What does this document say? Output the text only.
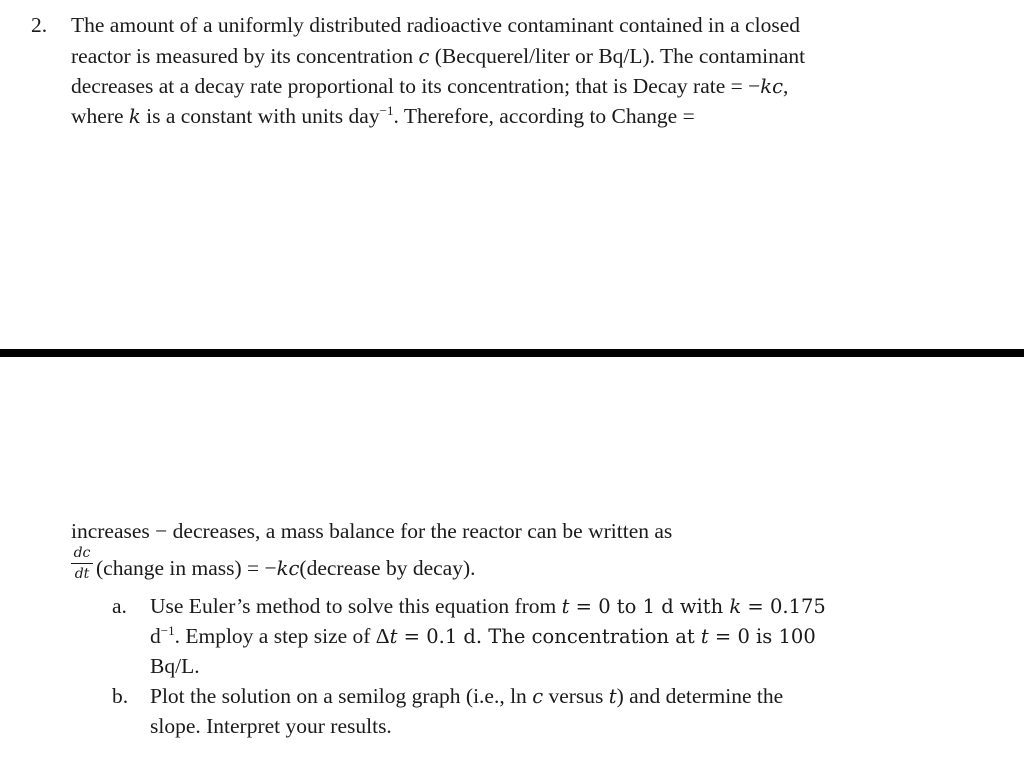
2. The amount of a uniformly distributed radioactive contaminant contained in a closed
reactor is measured by its concentration c (Becquerel/liter or Bq/L). The contaminant
decreases at a decay rate proportional to its concentration; that is Decay rate = −kc,
where k is a constant with units day$^{-1}$. Therefore, according to Change =
increases − decreases, a mass balance for the reactor can be written as
dc
dt (change in mass) = −kc(decrease by decay).
a. Use Euler’s method to solve this equation from t = 0 to 1 d with k = 0.175
$d^{-1}$. Employ a step size of Δt = 0.1 d. The concentration at t = 0 is 100
Bq/L.
b. Plot the solution on a semilog graph (i.e., ln c versus t) and determine the
slope. Interpret your results.
